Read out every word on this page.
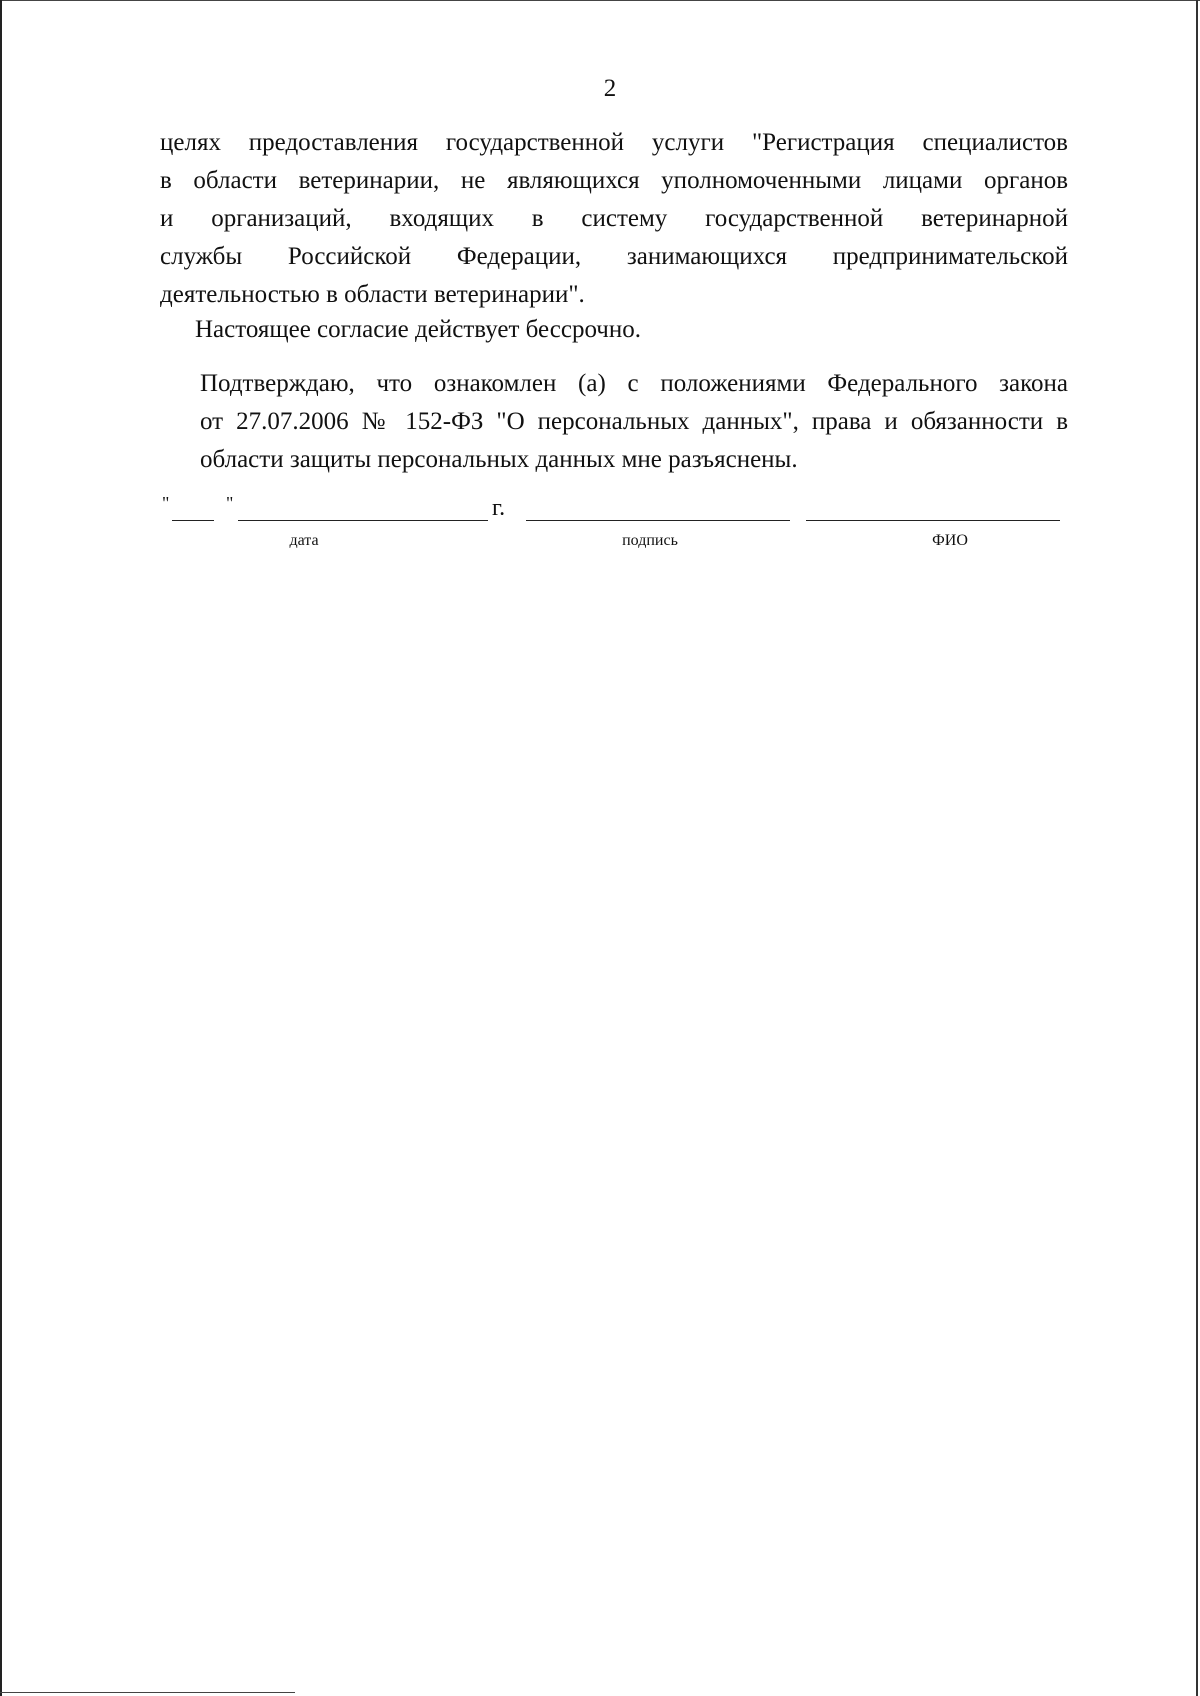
2
целях предоставления государственной услуги "Регистрация специалистов
в области ветеринарии, не являющихся уполномоченными лицами органов
и организаций, входящих в систему государственной ветеринарной
службы Российской Федерации, занимающихся предпринимательской
деятельностью в области ветеринарии".
Настоящее согласие действует бессрочно.
Подтверждаю, что ознакомлен (а) с положениями Федерального закона
от 27.07.2006 № 152-ФЗ "О персональных данных", права и обязанности в
области защиты персональных данных мне разъяснены.
"	"	г.
дата	подпись	ФИО
